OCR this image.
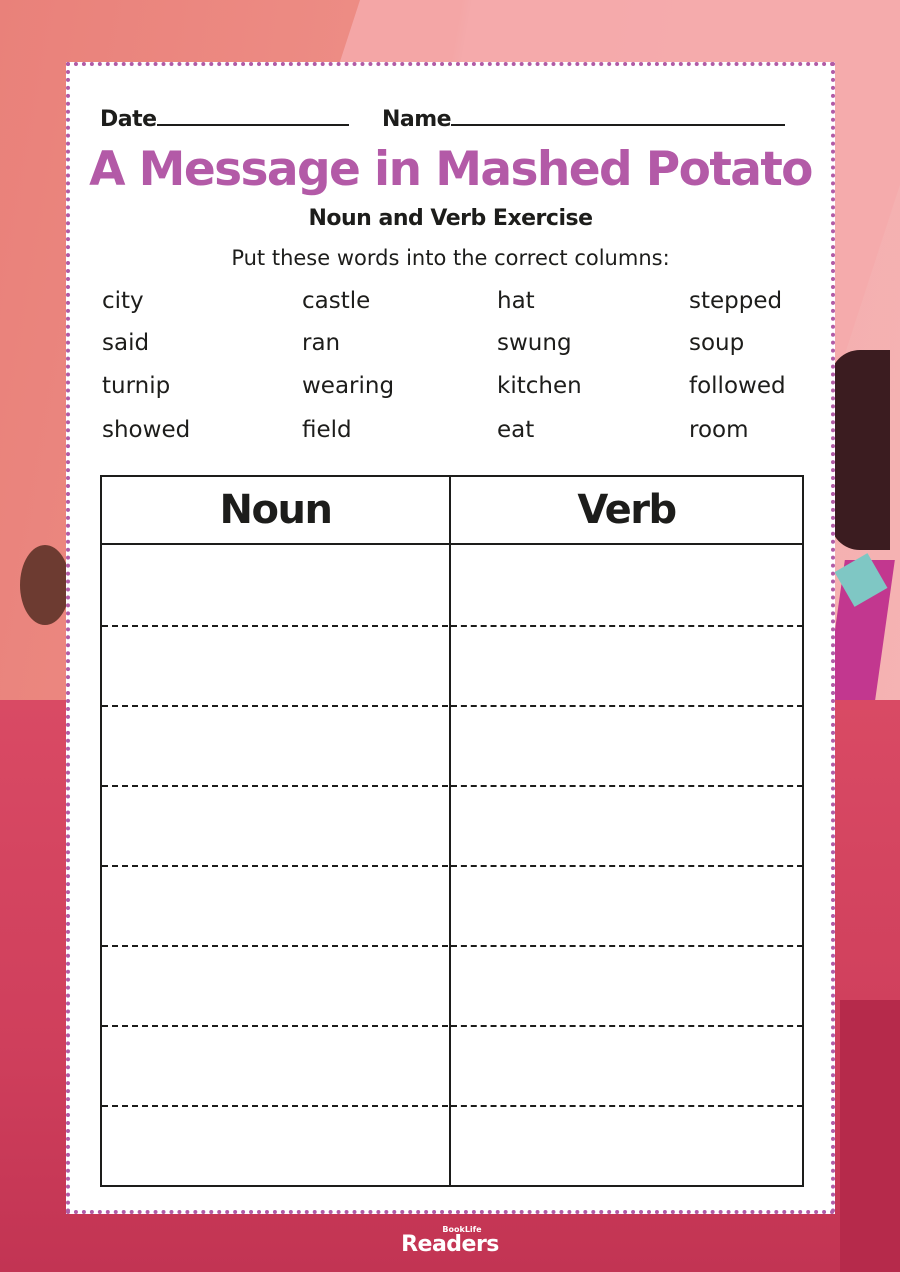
Date	Name
A Message in Mashed Potato
Noun and Verb Exercise
Put these words into the correct columns:
city	castle	hat	stepped
said	ran	swung	soup
turnip	wearing	kitchen	followed
showed	field	eat	room
Noun	Verb
BookLife
Readers
